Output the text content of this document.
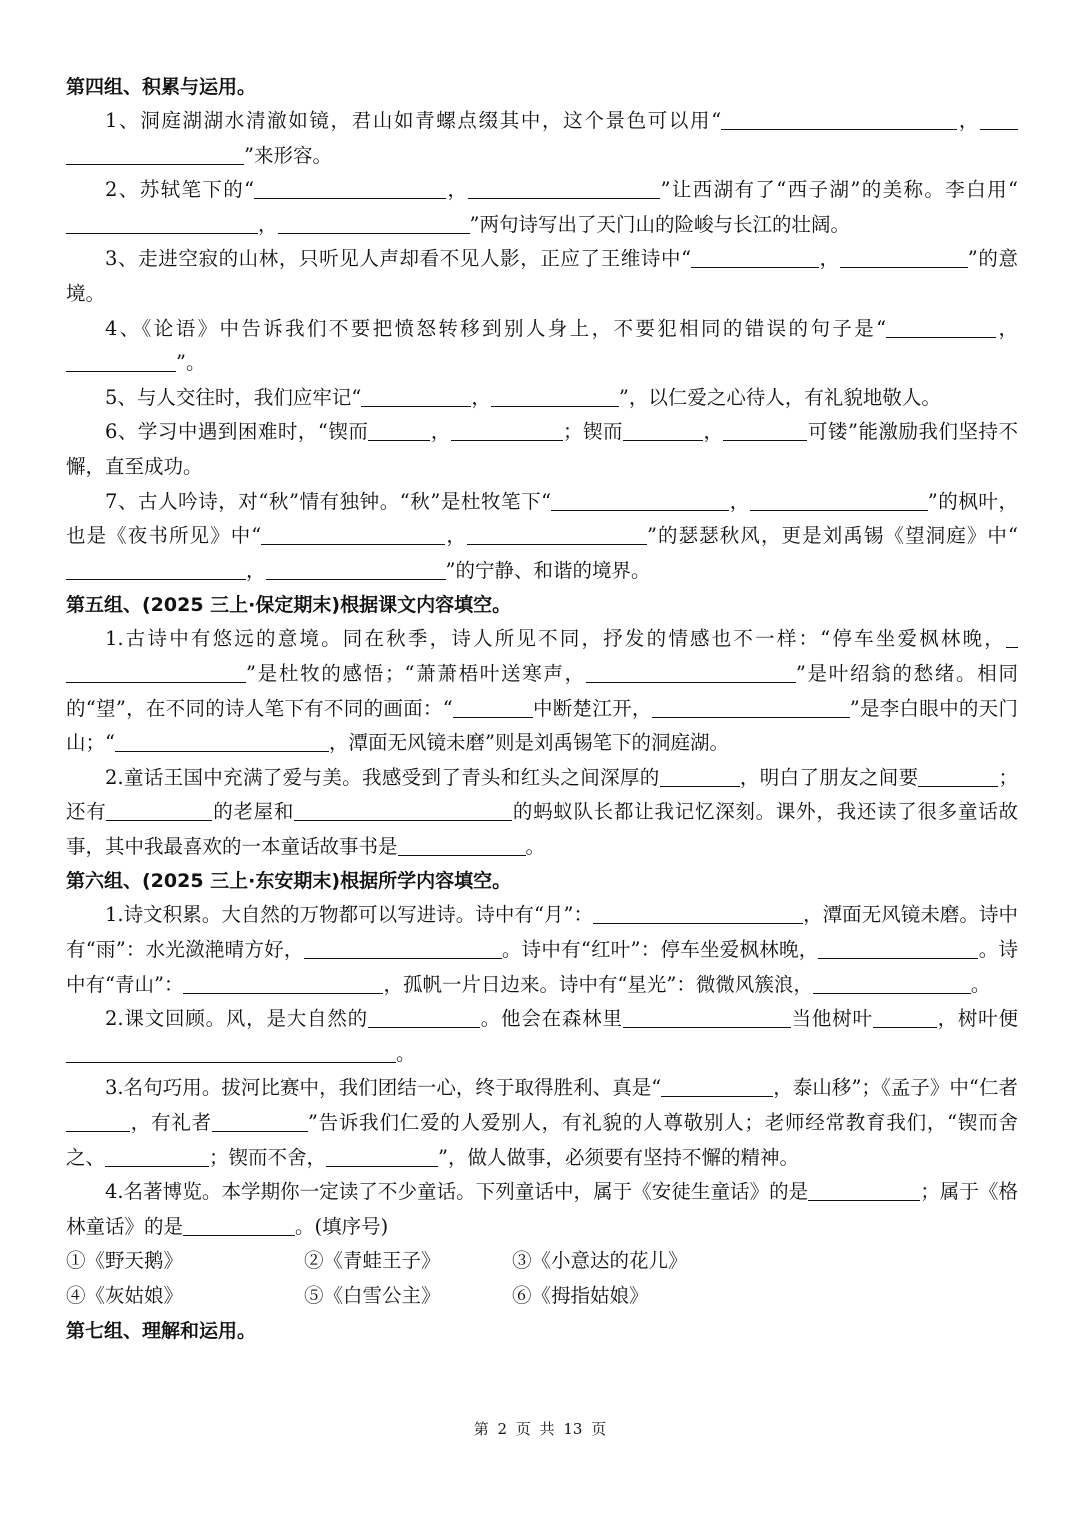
第四组、积累与运用。

1、洞庭湖湖水清澈如镜，君山如青螺点缀其中，这个景色可以用“	，”来形容。

2、苏轼笔下的“	，	”让西湖有了“西子湖”的美称。李白用“，	”两句诗写出了天门山的险峻与长江的壮阔。

3、走进空寂的山林，只听见人声却看不见人影，正应了王维诗中“	，	”的意境。

4、《论语》中告诉我们不要把愤怒转移到别人身上，不要犯相同的错误的句子是“	，”。

5、与人交往时，我们应牢记“	，	”，以仁爱之心待人，有礼貌地敬人。

6、学习中遇到困难时，“锲而	，	；锲而	，	可镂”能激励我们坚持不懈，直至成功。

7、古人吟诗，对“秋”情有独钟。“秋”是杜牧笔下“	，	”的枫叶，也是《夜书所见》中“	，	”的瑟瑟秋风，更是刘禹锡《望洞庭》中“，	”的宁静、和谐的境界。

第五组、(2025 三上·保定期末)根据课文内容填空。

1.古诗中有悠远的意境。同在秋季，诗人所见不同，抒发的情感也不一样：“停车坐爱枫林晚，”是杜牧的感悟；“萧萧梧叶送寒声，	”是叶绍翁的愁绪。相同的“望”，在不同的诗人笔下有不同的画面：“	中断楚江开，	”是李白眼中的天门山；“	，潭面无风镜未磨”则是刘禹锡笔下的洞庭湖。

2.童话王国中充满了爱与美。我感受到了青头和红头之间深厚的	，明白了朋友之间要	；还有	的老屋和	的蚂蚁队长都让我记忆深刻。课外，我还读了很多童话故事，其中我最喜欢的一本童话故事书是	。

第六组、(2025 三上·东安期末)根据所学内容填空。

1.诗文积累。大自然的万物都可以写进诗。诗中有“月”：	，潭面无风镜未磨。诗中有“雨”：水光潋滟晴方好，	。诗中有“红叶”：停车坐爱枫林晚，	。诗中有“青山”：	，孤帆一片日边来。诗中有“星光”：微微风簇浪，	。

2.课文回顾。风，是大自然的	。他会在森林里	当他树叶	，树叶便。

3.名句巧用。拔河比赛中，我们团结一心，终于取得胜利、真是“	，泰山移”；《孟子》中“仁者，有礼者	”告诉我们仁爱的人爱别人，有礼貌的人尊敬别人；老师经常教育我们，“锲而舍之、	；锲而不舍，	”，做人做事，必须要有坚持不懈的精神。

4.名著博览。本学期你一定读了不少童话。下列童话中，属于《安徒生童话》的是	；属于《格林童话》的是	。(填序号)

①《野天鹅》	②《青蛙王子》	③《小意达的花儿》
④《灰姑娘》	⑤《白雪公主》	⑥《拇指姑娘》

第七组、理解和运用。

第 2 页 共 13 页
